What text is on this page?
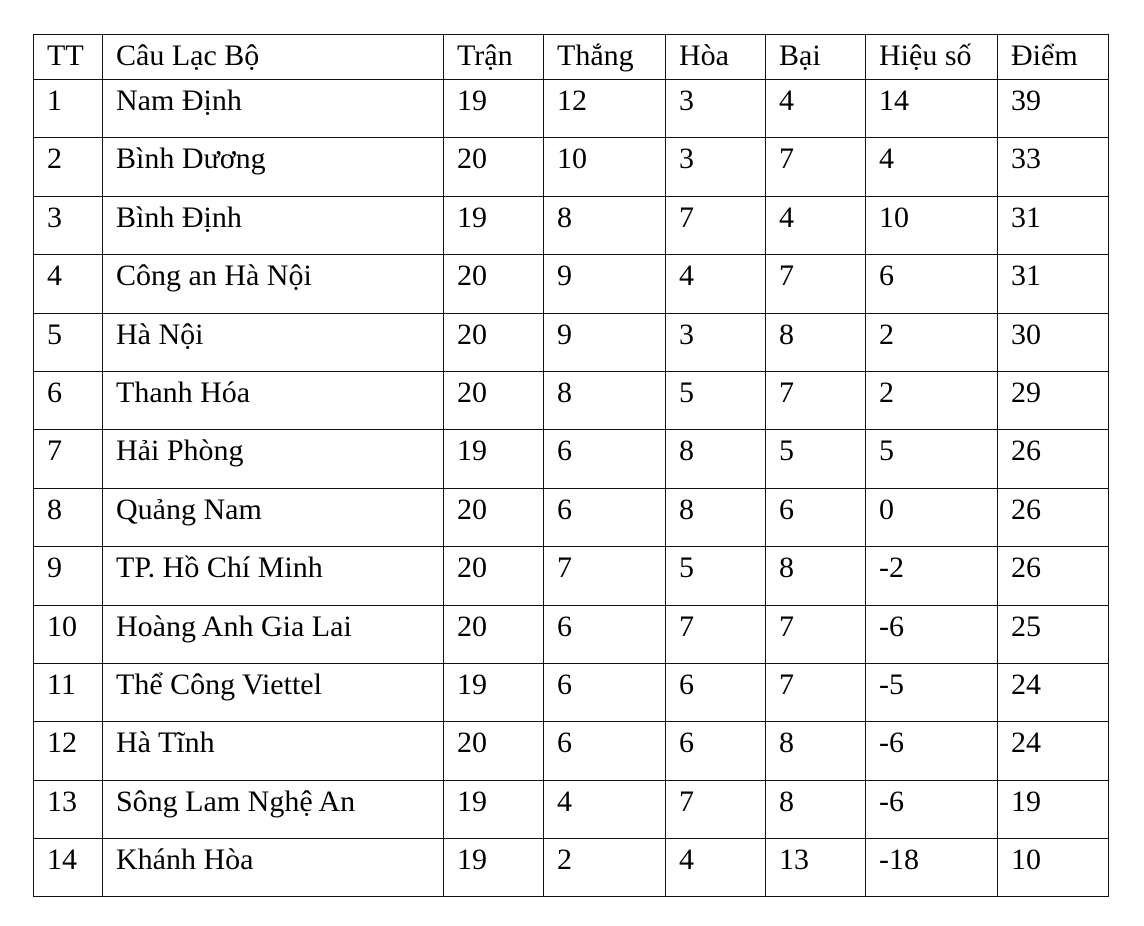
TT	Câu Lạc Bộ	Trận	Thắng	Hòa	Bại	Hiệu số	Điểm
1	Nam Định	19	12	3	4	14	39
2	Bình Dương	20	10	3	7	4	33
3	Bình Định	19	8	7	4	10	31
4	Công an Hà Nội	20	9	4	7	6	31
5	Hà Nội	20	9	3	8	2	30
6	Thanh Hóa	20	8	5	7	2	29
7	Hải Phòng	19	6	8	5	5	26
8	Quảng Nam	20	6	8	6	0	26
9	TP. Hồ Chí Minh	20	7	5	8	-2	26
10	Hoàng Anh Gia Lai	20	6	7	7	-6	25
11	Thể Công Viettel	19	6	6	7	-5	24
12	Hà Tĩnh	20	6	6	8	-6	24
13	Sông Lam Nghệ An	19	4	7	8	-6	19
14	Khánh Hòa	19	2	4	13	-18	10
